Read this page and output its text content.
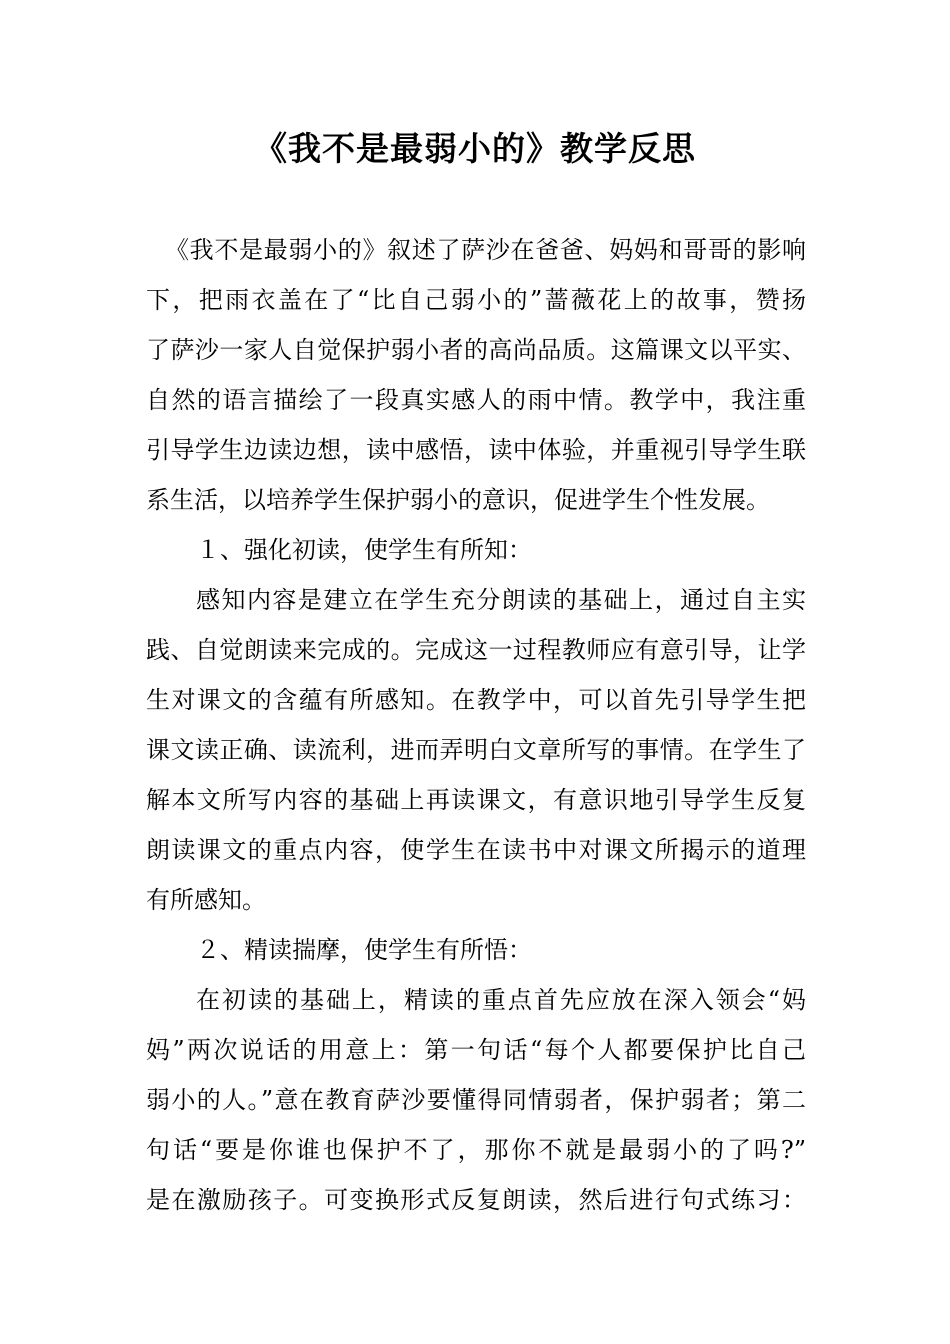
《我不是最弱小的》教学反思
《我不是最弱小的》叙述了萨沙在爸爸、妈妈和哥哥的影响
下，把雨衣盖在了“比自己弱小的”蔷薇花上的故事，赞扬
了萨沙一家人自觉保护弱小者的高尚品质。这篇课文以平实、
自然的语言描绘了一段真实感人的雨中情。教学中，我注重
引导学生边读边想，读中感悟，读中体验，并重视引导学生联
系生活，以培养学生保护弱小的意识，促进学生个性发展。
１、强化初读，使学生有所知：
感知内容是建立在学生充分朗读的基础上，通过自主实
践、自觉朗读来完成的。完成这一过程教师应有意引导，让学
生对课文的含蕴有所感知。在教学中，可以首先引导学生把
课文读正确、读流利，进而弄明白文章所写的事情。在学生了
解本文所写内容的基础上再读课文，有意识地引导学生反复
朗读课文的重点内容，使学生在读书中对课文所揭示的道理
有所感知。
２、精读揣摩，使学生有所悟：
在初读的基础上，精读的重点首先应放在深入领会“妈
妈”两次说话的用意上：第一句话“每个人都要保护比自己
弱小的人。”意在教育萨沙要懂得同情弱者，保护弱者；第二
句话“要是你谁也保护不了，那你不就是最弱小的了吗?”
是在激励孩子。可变换形式反复朗读，然后进行句式练习：
